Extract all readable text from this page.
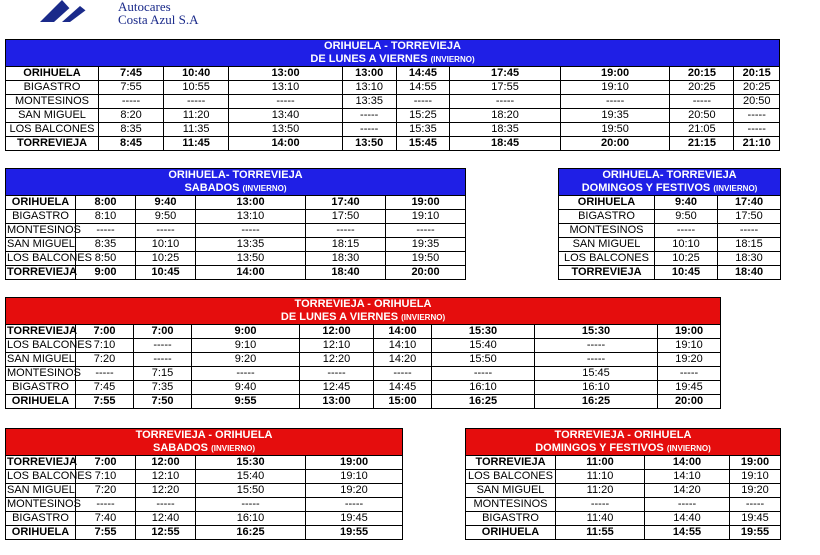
Autocares
Costa Azul S.A
ORIHUELA - TORREVIEJA
DE LUNES A VIERNES (INVIERNO)									

ORIHUELA	7:45	10:40	13:00	13:00	14:45	17:45	19:00	20:15	20:15
BIGASTRO	7:55	10:55	13:10	13:10	14:55	17:55	19:10	20:25	20:25
MONTESINOS	-----	-----	-----	13:35	-----	-----	-----	-----	20:50
SAN MIGUEL	8:20	11:20	13:40	-----	15:25	18:20	19:35	20:50	-----
LOS BALCONES	8:35	11:35	13:50	-----	15:35	18:35	19:50	21:05	-----
TORREVIEJA	8:45	11:45	14:00	13:50	15:45	18:45	20:00	21:15	21:10
ORIHUELA- TORREVIEJA
SABADOS (INVIERNO)					

ORIHUELA	8:00	9:40	13:00	17:40	19:00
BIGASTRO	8:10	9:50	13:10	17:50	19:10
MONTESINOS	-----	-----	-----	-----	-----
SAN MIGUEL	8:35	10:10	13:35	18:15	19:35
LOS BALCONES	8:50	10:25	13:50	18:30	19:50
TORREVIEJA	9:00	10:45	14:00	18:40	20:00
ORIHUELA- TORREVIEJA
DOMINGOS Y FESTIVOS (INVIERNO)		

ORIHUELA	9:40	17:40
BIGASTRO	9:50	17:50
MONTESINOS	-----	-----
SAN MIGUEL	10:10	18:15
LOS BALCONES	10:25	18:30
TORREVIEJA	10:45	18:40
TORREVIEJA - ORIHUELA
DE LUNES A VIERNES (INVIERNO)								

TORREVIEJA	7:00	7:00	9:00	12:00	14:00	15:30	15:30	19:00
LOS BALCONES	7:10	-----	9:10	12:10	14:10	15:40	-----	19:10
SAN MIGUEL	7:20	-----	9:20	12:20	14:20	15:50	-----	19:20
MONTESINOS	-----	7:15	-----	-----	-----	-----	15:45	-----
BIGASTRO	7:45	7:35	9:40	12:45	14:45	16:10	16:10	19:45
ORIHUELA	7:55	7:50	9:55	13:00	15:00	16:25	16:25	20:00
TORREVIEJA - ORIHUELA
SABADOS (INVIERNO)				

TORREVIEJA	7:00	12:00	15:30	19:00
LOS BALCONES	7:10	12:10	15:40	19:10
SAN MIGUEL	7:20	12:20	15:50	19:20
MONTESINOS	-----	-----	-----	-----
BIGASTRO	7:40	12:40	16:10	19:45
ORIHUELA	7:55	12:55	16:25	19:55
TORREVIEJA - ORIHUELA
DOMINGOS Y FESTIVOS (INVIERNO)			

TORREVIEJA	11:00	14:00	19:00
LOS BALCONES	11:10	14:10	19:10
SAN MIGUEL	11:20	14:20	19:20
MONTESINOS	-----	-----	-----
BIGASTRO	11:40	14:40	19:45
ORIHUELA	11:55	14:55	19:55
